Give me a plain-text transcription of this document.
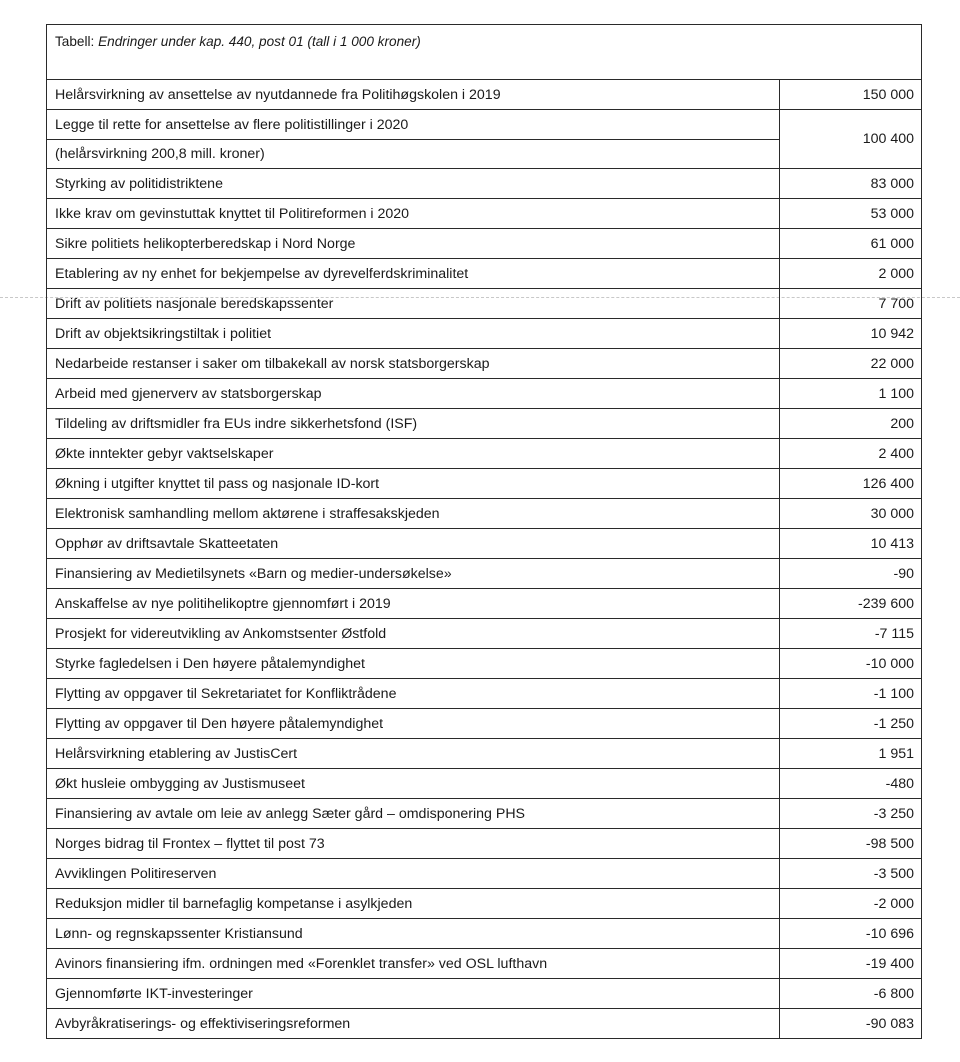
Tabell: Endringer under kap. 440, post 01 (tall i 1 000 kroner)	
Helårsvirkning av ansettelse av nyutdannede fra Politihøgskolen i 2019	150 000

Legge til rette for ansettelse av flere politistillinger i 2020
(helårsvirkning 200,8 mill. kroner)	100 400
Styrking av politidistriktene	83 000
Ikke krav om gevinstuttak knyttet til Politireformen i 2020	53 000
Sikre politiets helikopterberedskap i Nord Norge	61 000
Etablering av ny enhet for bekjempelse av dyrevelferdskriminalitet	2 000
Drift av politiets nasjonale beredskapssenter	7 700
Drift av objektsikringstiltak i politiet	10 942
Nedarbeide restanser i saker om tilbakekall av norsk statsborgerskap	22 000
Arbeid med gjenerverv av statsborgerskap	1 100
Tildeling av driftsmidler fra EUs indre sikkerhetsfond (ISF)	200
Økte inntekter gebyr vaktselskaper	2 400
Økning i utgifter knyttet til pass og nasjonale ID-kort	126 400
Elektronisk samhandling mellom aktørene i straffesakskjeden	30 000
Opphør av driftsavtale Skatteetaten	10 413
Finansiering av Medietilsynets «Barn og medier-undersøkelse»	-90
Anskaffelse av nye politihelikoptre gjennomført i 2019	-239 600
Prosjekt for videreutvikling av Ankomstsenter Østfold	-7 115
Styrke fagledelsen i Den høyere påtalemyndighet	-10 000
Flytting av oppgaver til Sekretariatet for Konfliktrådene	-1 100
Flytting av oppgaver til Den høyere påtalemyndighet	-1 250
Helårsvirkning etablering av JustisCert	1 951
Økt husleie ombygging av Justismuseet	-480
Finansiering av avtale om leie av anlegg Sæter gård – omdisponering PHS	-3 250
Norges bidrag til Frontex – flyttet til post 73	-98 500
Avviklingen Politireserven	-3 500
Reduksjon midler til barnefaglig kompetanse i asylkjeden	-2 000
Lønn- og regnskapssenter Kristiansund	-10 696
Avinors finansiering ifm. ordningen med «Forenklet transfer» ved OSL lufthavn	-19 400
Gjennomførte IKT-investeringer	-6 800
Avbyråkratiserings- og effektiviseringsreformen	-90 083
